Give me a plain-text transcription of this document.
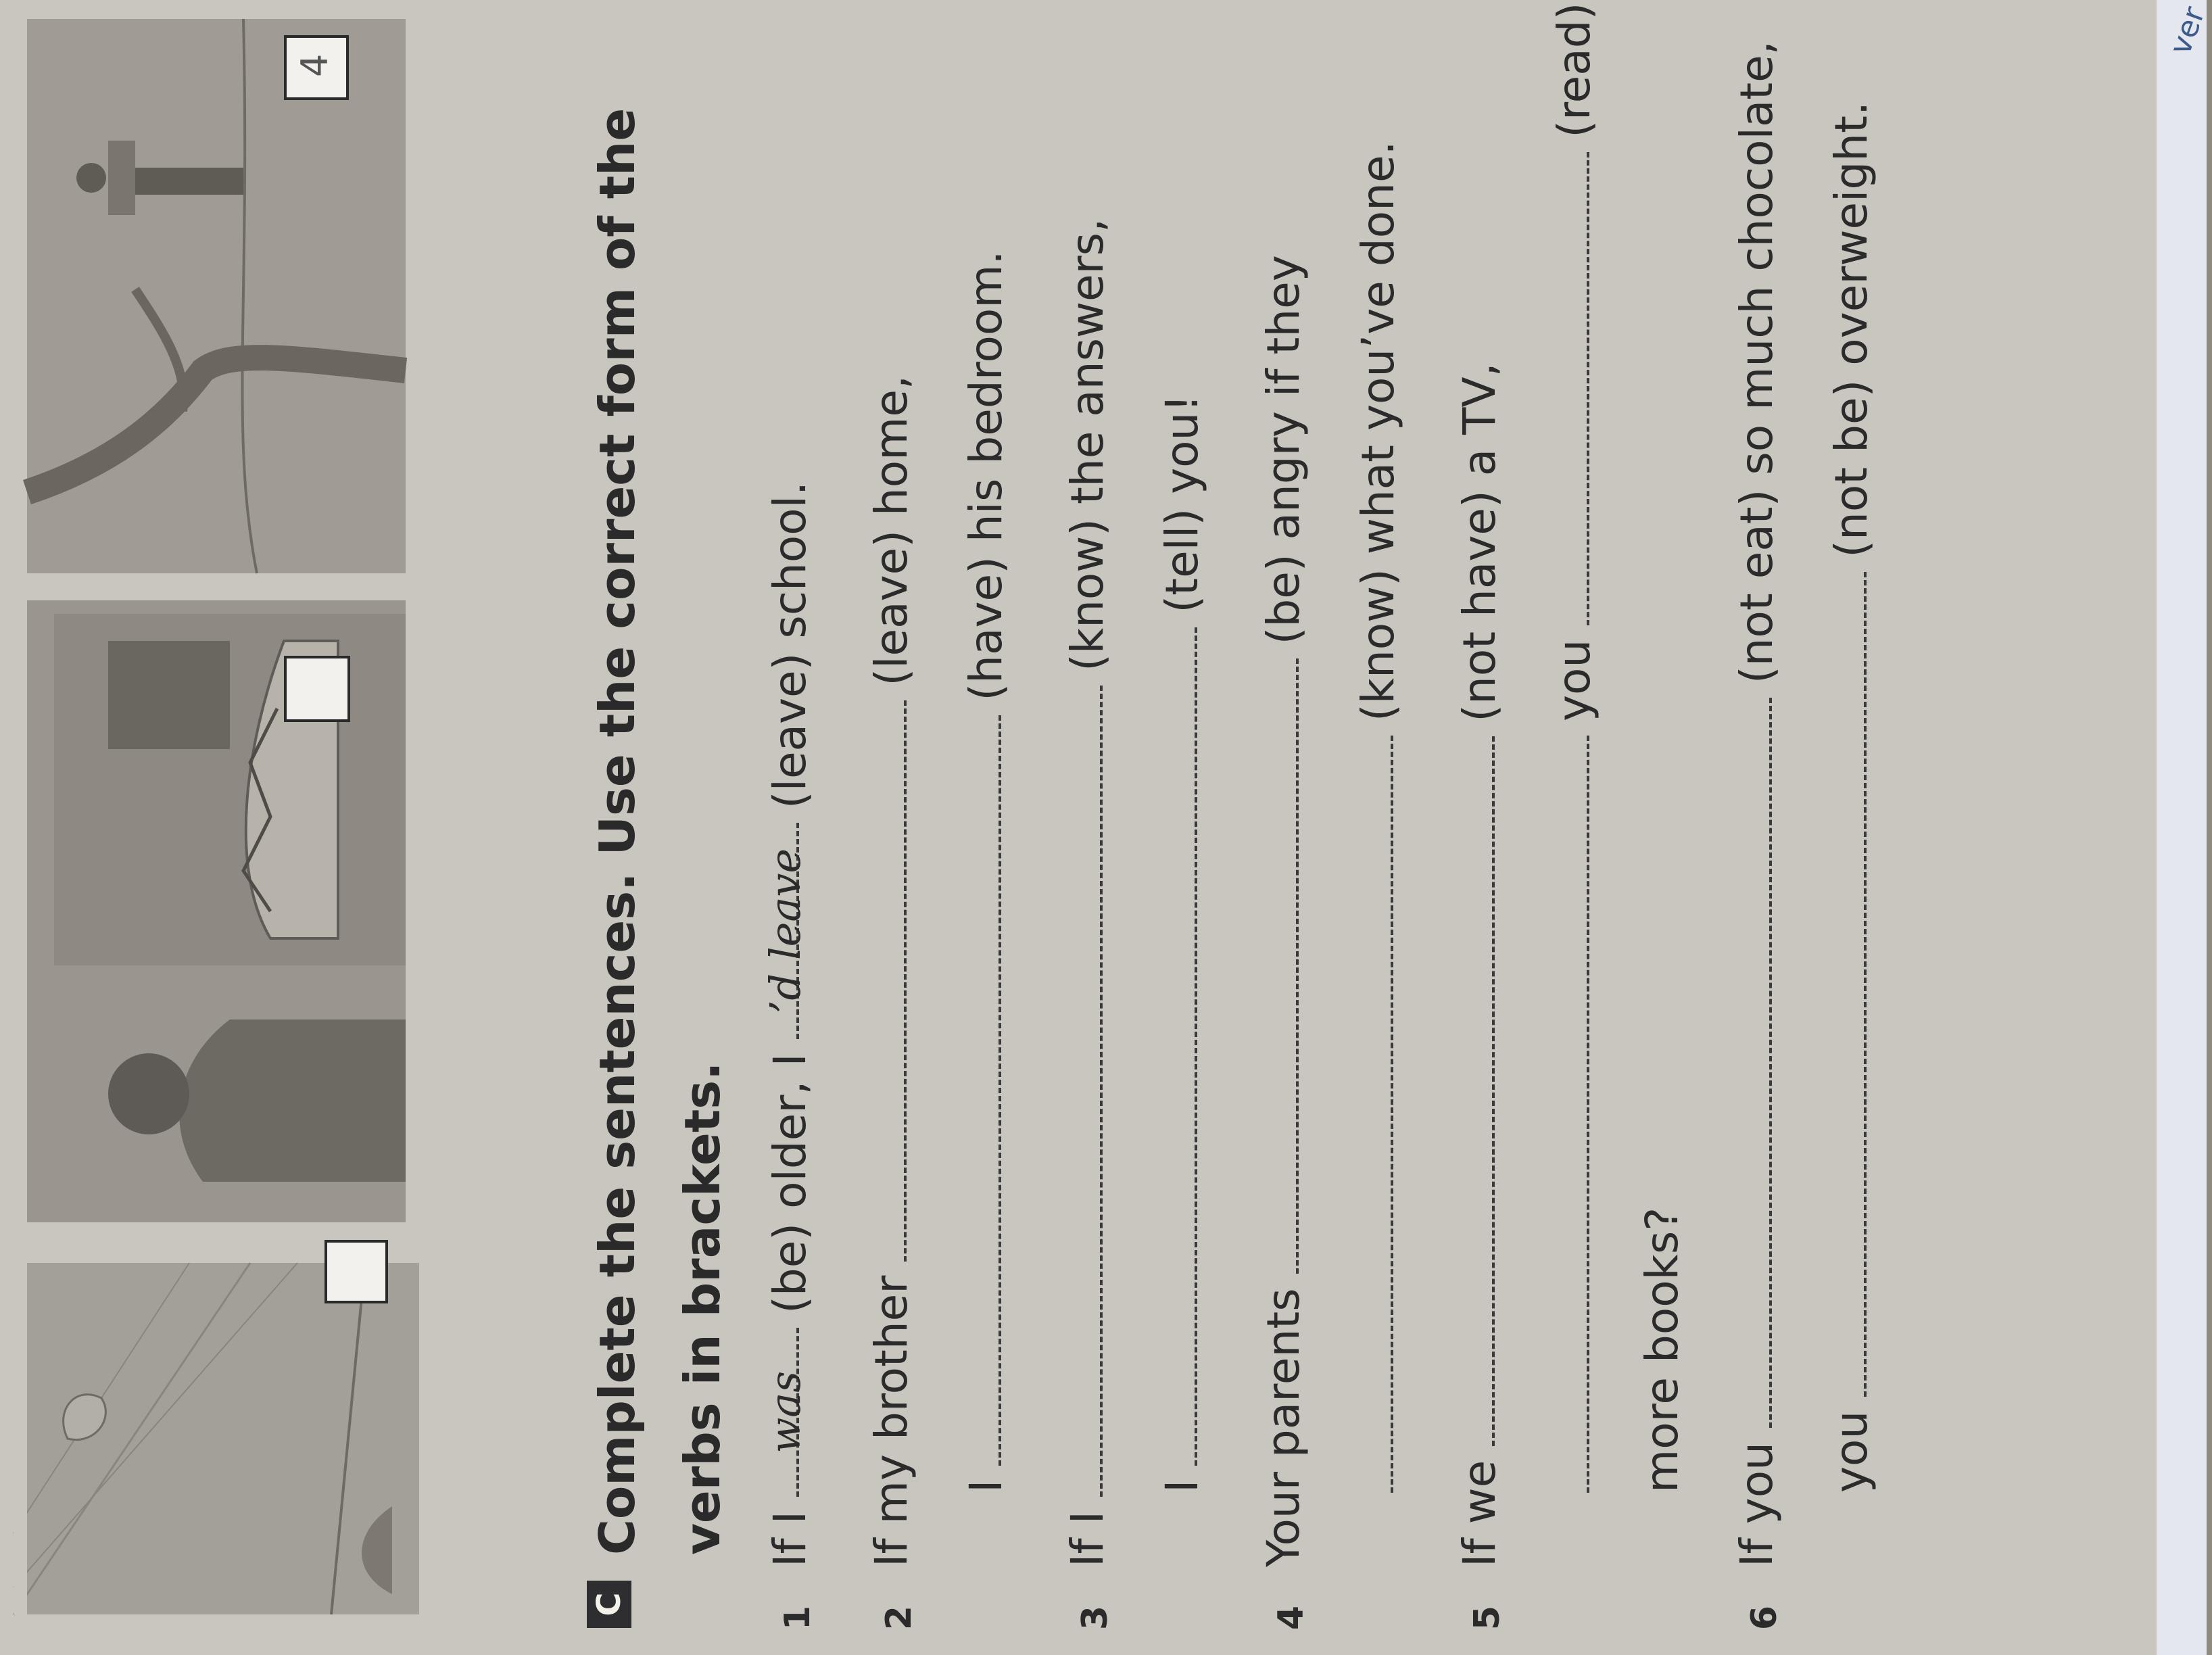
ver
4
C
Complete the sentences. Use the correct form of the verbs in brackets.
1
If I was (be) older, I ’d leave (leave) school.
2
If my brother  (leave) home,
I  (have) his bedroom.
3
If I  (know) the answers,
I  (tell) you!
4
Your parents  (be) angry if they (know) what you’ve done.
5
If we  (not have) a TV, you  (read)
more books?
6
If you  (not eat) so much chocolate,
you  (not be) overweight.
